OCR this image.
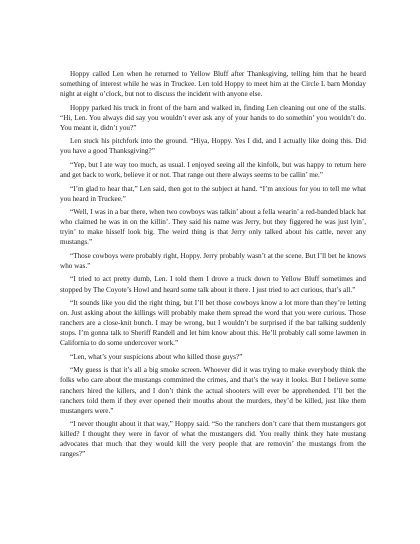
Hoppy called Len when he returned to Yellow Bluff after Thanksgiving, telling him that he heard something of interest while he was in Truckee. Len told Hoppy to meet him at the Circle L barn Monday night at eight o’clock, but not to discuss the incident with anyone else.

Hoppy parked his truck in front of the barn and walked in, finding Len cleaning out one of the stalls. “Hi, Len. You always did say you wouldn’t ever ask any of your hands to do somethin’ you wouldn’t do. You meant it, didn’t you?”

Len stuck his pitchfork into the ground. “Hiya, Hoppy. Yes I did, and I actually like doing this. Did you have a good Thanksgiving?”

“Yep, but I ate way too much, as usual. I enjoyed seeing all the kinfolk, but was happy to return here and get back to work, believe it or not. That range out there always seems to be callin’ me.”

“I’m glad to hear that,” Len said, then got to the subject at hand. “I’m anxious for you to tell me what you heard in Truckee.”

“Well, I was in a bar there, when two cowboys was talkin’ about a fella wearin’ a red-banded black hat who claimed he was in on the killin’. They said his name was Jerry, but they figgered he was just lyin’, tryin’ to make hisself look big. The weird thing is that Jerry only talked about his cattle, never any mustangs.”

“Those cowboys were probably right, Hoppy. Jerry probably wasn’t at the scene. But I’ll bet he knows who was.”

“I tried to act pretty dumb, Len. I told them I drove a truck down to Yellow Bluff sometimes and stopped by The Coyote’s Howl and heard some talk about it there. I just tried to act curious, that’s all.”

“It sounds like you did the right thing, but I’ll bet those cowboys know a lot more than they’re letting on. Just asking about the killings will probably make them spread the word that you were curious. Those ranchers are a close-knit bunch. I may be wrong, but I wouldn’t be surprised if the bar talking suddenly stops. I’m gonna talk to Sheriff Randell and let him know about this. He’ll probably call some lawmen in California to do some undercover work.”

“Len, what’s your suspicions about who killed those guys?”

“My guess is that it’s all a big smoke screen. Whoever did it was trying to make everybody think the folks who care about the mustangs committed the crimes, and that’s the way it looks. But I believe some ranchers hired the killers, and I don’t think the actual shooters will ever be apprehended. I’ll bet the ranchers told them if they ever opened their mouths about the murders, they’d be killed, just like them mustangers were.”

“I never thought about it that way,” Hoppy said. “So the ranchers don’t care that them mustangers got killed? I thought they were in favor of what the mustangers did. You really think they hate mustang advocates that much that they would kill the very people that are removin’ the mustangs from the ranges?”
